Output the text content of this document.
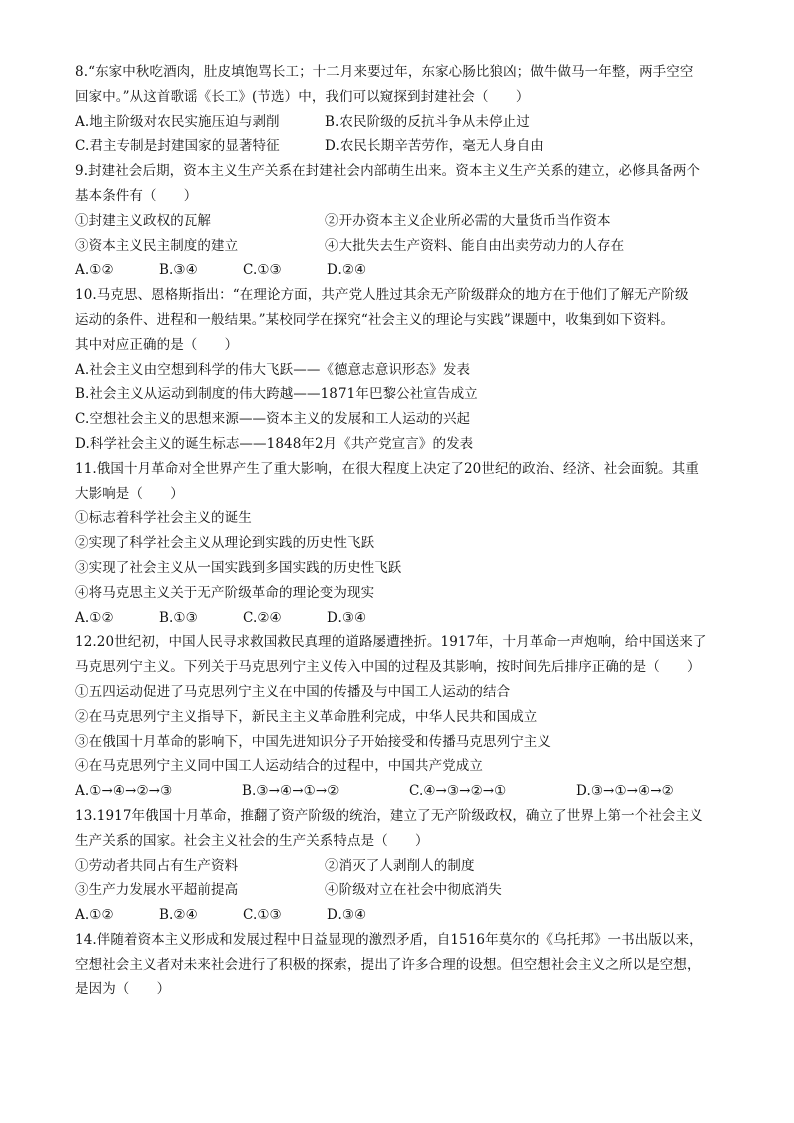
8.“东家中秋吃酒肉，肚皮填饱骂长工；十二月来要过年，东家心肠比狼凶；做牛做马一年整，两手空空
回家中。”从这首歌谣《长工》(节选）中，我们可以窥探到封建社会（　　）
A.地主阶级对农民实施压迫与剥削	B.农民阶级的反抗斗争从未停止过
C.君主专制是封建国家的显著特征	D.农民长期辛苦劳作，毫无人身自由
9.封建社会后期，资本主义生产关系在封建社会内部萌生出来。资本主义生产关系的建立，必修具备两个
基本条件有（　　）
①封建主义政权的瓦解	②开办资本主义企业所必需的大量货币当作资本
③资本主义民主制度的建立	④大批失去生产资料、能自由出卖劳动力的人存在
A.①②	B.③④	C.①③	D.②④
10.马克思、恩格斯指出：“在理论方面，共产党人胜过其余无产阶级群众的地方在于他们了解无产阶级
运动的条件、进程和一般结果。”某校同学在探究“社会主义的理论与实践”课题中，收集到如下资料。
其中对应正确的是（　　）
A.社会主义由空想到科学的伟大飞跃——《德意志意识形态》发表
B.社会主义从运动到制度的伟大跨越——1871年巴黎公社宣告成立
C.空想社会主义的思想来源——资本主义的发展和工人运动的兴起
D.科学社会主义的诞生标志——1848年2月《共产党宣言》的发表
11.俄国十月革命对全世界产生了重大影响，在很大程度上决定了20世纪的政治、经济、社会面貌。其重
大影响是（　　）
①标志着科学社会主义的诞生
②实现了科学社会主义从理论到实践的历史性飞跃
③实现了社会主义从一国实践到多国实践的历史性飞跃
④将马克思主义关于无产阶级革命的理论变为现实
A.①②	B.①③	C.②④	D.③④
12.20世纪初，中国人民寻求救国救民真理的道路屡遭挫折。1917年，十月革命一声炮响，给中国送来了
马克思列宁主义。下列关于马克思列宁主义传入中国的过程及其影响，按时间先后排序正确的是（　　）
①五四运动促进了马克思列宁主义在中国的传播及与中国工人运动的结合
②在马克思列宁主义指导下，新民主主义革命胜利完成，中华人民共和国成立
③在俄国十月革命的影响下，中国先进知识分子开始接受和传播马克思列宁主义
④在马克思列宁主义同中国工人运动结合的过程中，中国共产党成立
A.①→④→②→③	B.③→④→①→②	C.④→③→②→①	D.③→①→④→②
13.1917年俄国十月革命，推翻了资产阶级的统治，建立了无产阶级政权，确立了世界上第一个社会主义
生产关系的国家。社会主义社会的生产关系特点是（　　）
①劳动者共同占有生产资料	②消灭了人剥削人的制度
③生产力发展水平超前提高	④阶级对立在社会中彻底消失
A.①②	B.②④	C.①③	D.③④
14.伴随着资本主义形成和发展过程中日益显现的激烈矛盾，自1516年莫尔的《乌托邦》一书出版以来，
空想社会主义者对未来社会进行了积极的探索，提出了许多合理的设想。但空想社会主义之所以是空想，
是因为（　　）
